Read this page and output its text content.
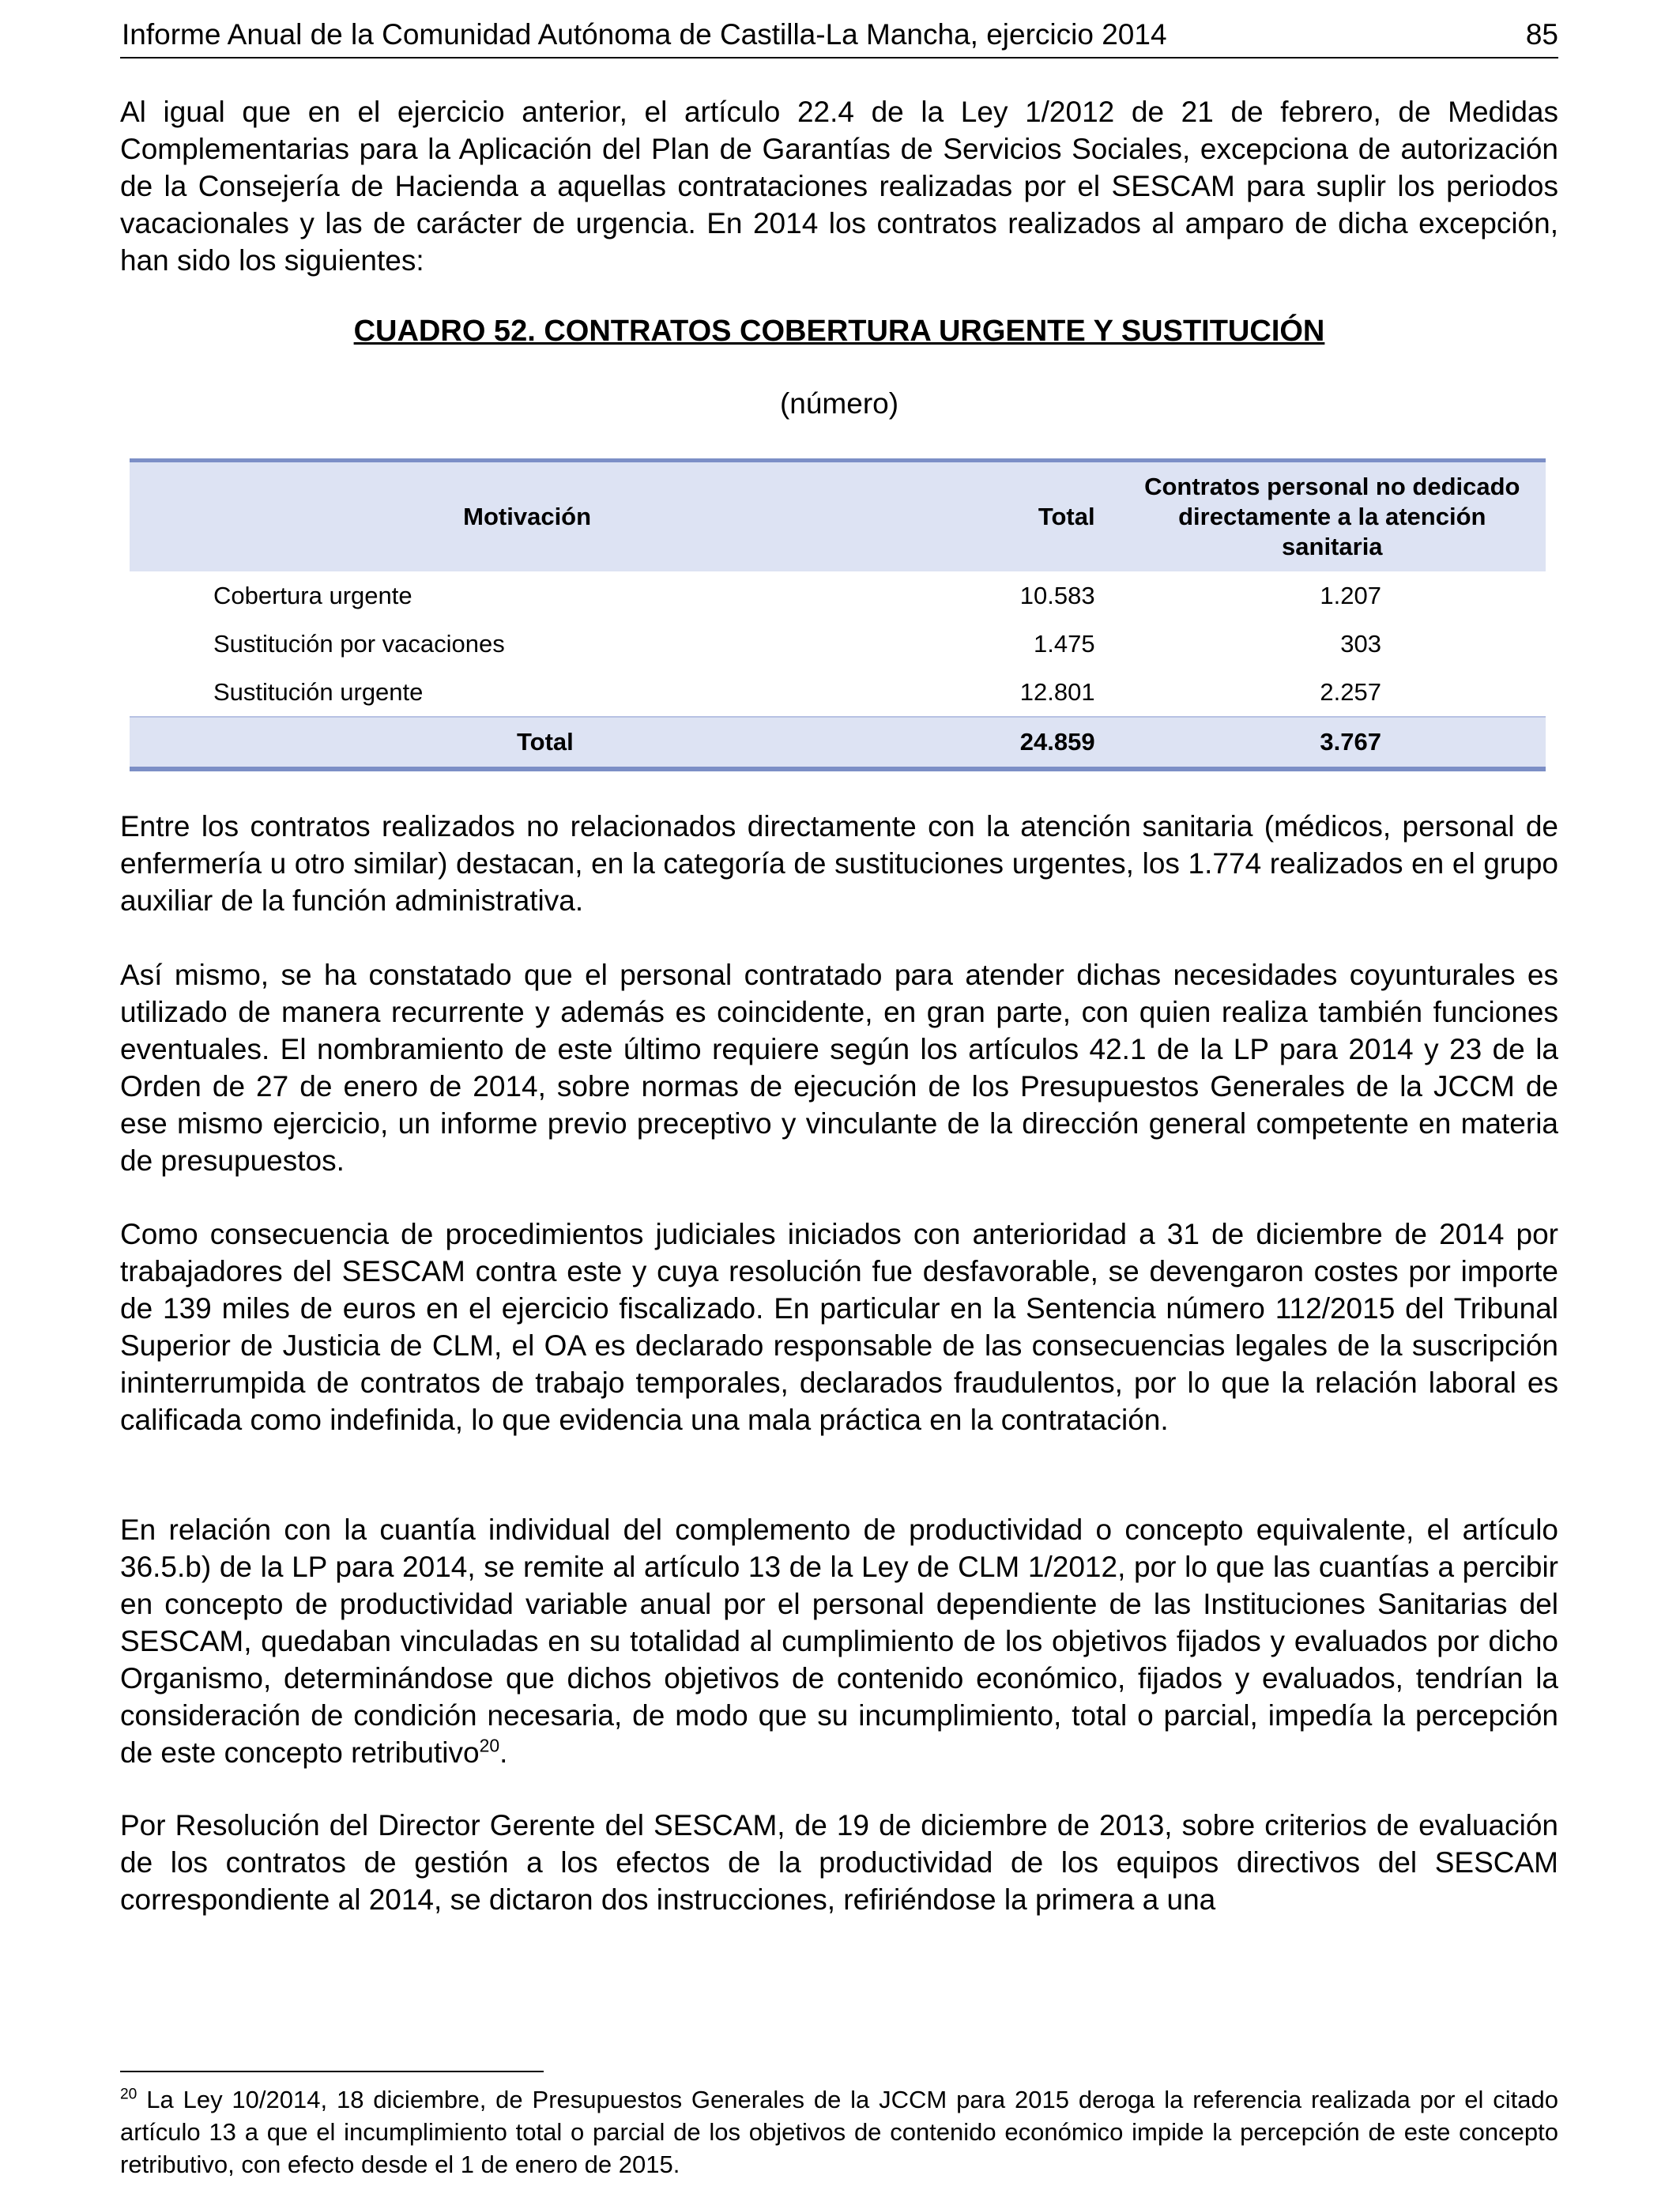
Informe Anual de la Comunidad Autónoma de Castilla-La Mancha, ejercicio 2014	85

Al igual que en el ejercicio anterior, el artículo 22.4 de la Ley 1/2012 de 21 de febrero, de Medidas Complementarias para la Aplicación del Plan de Garantías de Servicios Sociales, excepciona de autorización de la Consejería de Hacienda a aquellas contrataciones realizadas por el SESCAM para suplir los periodos vacacionales y las de carácter de urgencia. En 2014 los contratos realizados al amparo de dicha excepción, han sido los siguientes:

CUADRO 52. CONTRATOS COBERTURA URGENTE Y SUSTITUCIÓN

(número)

Motivación	Total	Contratos personal no dedicado directamente a la atención sanitaria
Cobertura urgente	10.583	1.207
Sustitución por vacaciones	1.475	303
Sustitución urgente	12.801	2.257
Total	24.859	3.767

Entre los contratos realizados no relacionados directamente con la atención sanitaria (médicos, personal de enfermería u otro similar) destacan, en la categoría de sustituciones urgentes, los 1.774 realizados en el grupo auxiliar de la función administrativa.

Así mismo, se ha constatado que el personal contratado para atender dichas necesidades coyunturales es utilizado de manera recurrente y además es coincidente, en gran parte, con quien realiza también funciones eventuales. El nombramiento de este último requiere según los artículos 42.1 de la LP para 2014 y 23 de la Orden de 27 de enero de 2014, sobre normas de ejecución de los Presupuestos Generales de la JCCM de ese mismo ejercicio, un informe previo preceptivo y vinculante de la dirección general competente en materia de presupuestos.

Como consecuencia de procedimientos judiciales iniciados con anterioridad a 31 de diciembre de 2014 por trabajadores del SESCAM contra este y cuya resolución fue desfavorable, se devengaron costes por importe de 139 miles de euros en el ejercicio fiscalizado. En particular en la Sentencia número 112/2015 del Tribunal Superior de Justicia de CLM, el OA es declarado responsable de las consecuencias legales de la suscripción ininterrumpida de contratos de trabajo temporales, declarados fraudulentos, por lo que la relación laboral es calificada como indefinida, lo que evidencia una mala práctica en la contratación.

En relación con la cuantía individual del complemento de productividad o concepto equivalente, el artículo 36.5.b) de la LP para 2014, se remite al artículo 13 de la Ley de CLM 1/2012, por lo que las cuantías a percibir en concepto de productividad variable anual por el personal dependiente de las Instituciones Sanitarias del SESCAM, quedaban vinculadas en su totalidad al cumplimiento de los objetivos fijados y evaluados por dicho Organismo, determinándose que dichos objetivos de contenido económico, fijados y evaluados, tendrían la consideración de condición necesaria, de modo que su incumplimiento, total o parcial, impedía la percepción de este concepto retributivo$^{20}$.

Por Resolución del Director Gerente del SESCAM, de 19 de diciembre de 2013, sobre criterios de evaluación de los contratos de gestión a los efectos de la productividad de los equipos directivos del SESCAM correspondiente al 2014, se dictaron dos instrucciones, refiriéndose la primera a una

$^{20}$ La Ley 10/2014, 18 diciembre, de Presupuestos Generales de la JCCM para 2015 deroga la referencia realizada por el citado artículo 13 a que el incumplimiento total o parcial de los objetivos de contenido económico impide la percepción de este concepto retributivo, con efecto desde el 1 de enero de 2015.
